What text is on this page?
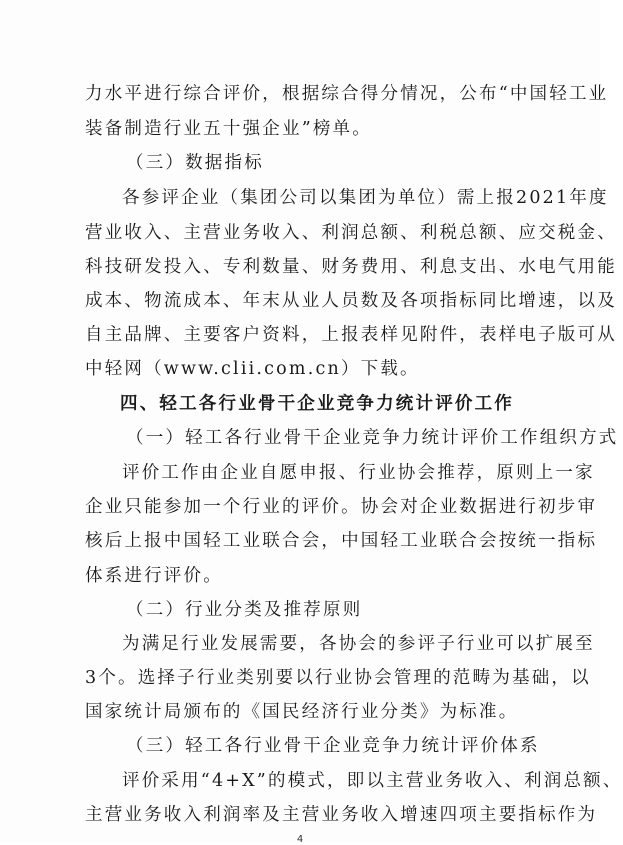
力水平进行综合评价，根据综合得分情况，公布“中国轻工业
装备制造行业五十强企业”榜单。
（三）数据指标
各参评企业（集团公司以集团为单位）需上报2021年度
营业收入、主营业务收入、利润总额、利税总额、应交税金、
科技研发投入、专利数量、财务费用、利息支出、水电气用能
成本、物流成本、年末从业人员数及各项指标同比增速，以及
自主品牌、主要客户资料，上报表样见附件，表样电子版可从
中轻网（www.clii.com.cn）下载。
四、轻工各行业骨干企业竞争力统计评价工作
（一）轻工各行业骨干企业竞争力统计评价工作组织方式
评价工作由企业自愿申报、行业协会推荐，原则上一家
企业只能参加一个行业的评价。协会对企业数据进行初步审
核后上报中国轻工业联合会，中国轻工业联合会按统一指标
体系进行评价。
（二）行业分类及推荐原则
为满足行业发展需要，各协会的参评子行业可以扩展至
3个。选择子行业类别要以行业协会管理的范畴为基础，以
国家统计局颁布的《国民经济行业分类》为标准。
（三）轻工各行业骨干企业竞争力统计评价体系
评价采用“4+X”的模式，即以主营业务收入、利润总额、
主营业务收入利润率及主营业务收入增速四项主要指标作为
4
